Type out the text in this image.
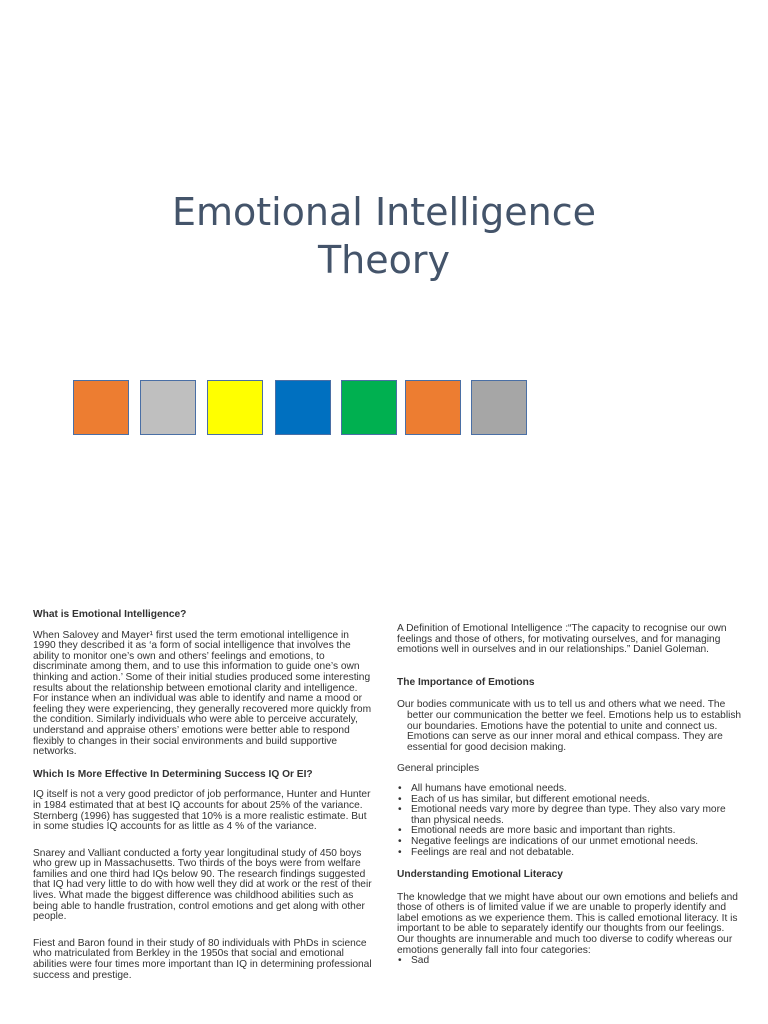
Emotional Intelligence
Theory

What is Emotional Intelligence?

When Salovey and Mayer¹ first used the term emotional intelligence in 1990 they described it as ‘a form of social intelligence that involves the ability to monitor one’s own and others’ feelings and emotions, to discriminate among them, and to use this information to guide one’s own thinking and action.’ Some of their initial studies produced some interesting results about the relationship between emotional clarity and intelligence. For instance when an individual was able to identify and name a mood or feeling they were experiencing, they generally recovered more quickly from the condition. Similarly individuals who were able to perceive accurately, understand and appraise others’ emotions were better able to respond flexibly to changes in their social environments and build supportive networks.

Which Is More Effective In Determining Success IQ Or EI?

IQ itself is not a very good predictor of job performance, Hunter and Hunter in 1984 estimated that at best IQ accounts for about 25% of the variance. Sternberg (1996) has suggested that 10% is a more realistic estimate. But in some studies IQ accounts for as little as 4 % of the variance.

Snarey and Valliant conducted a forty year longitudinal study of 450 boys who grew up in Massachusetts. Two thirds of the boys were from welfare families and one third had IQs below 90. The research findings suggested that IQ had very little to do with how well they did at work or the rest of their lives. What made the biggest difference was childhood abilities such as being able to handle frustration, control emotions and get along with other people.

Fiest and Baron found in their study of 80 individuals with PhDs in science who matriculated from Berkley in the 1950s that social and emotional abilities were four times more important than IQ in determining professional success and prestige.

A Definition of Emotional Intelligence :“The capacity to recognise our own feelings and those of others, for motivating ourselves, and for managing emotions well in ourselves and in our relationships.” Daniel Goleman.

The Importance of Emotions

Our bodies communicate with us to tell us and others what we need. The better our communication the better we feel. Emotions help us to establish our boundaries. Emotions have the potential to unite and connect us. Emotions can serve as our inner moral and ethical compass. They are essential for good decision making.

General principles

• All humans have emotional needs.
• Each of us has similar, but different emotional needs.
• Emotional needs vary more by degree than type. They also vary more than physical needs.
• Emotional needs are more basic and important than rights.
• Negative feelings are indications of our unmet emotional needs.
• Feelings are real and not debatable.

Understanding Emotional Literacy

The knowledge that we might have about our own emotions and beliefs and those of others is of limited value if we are unable to properly identify and label emotions as we experience them. This is called emotional literacy. It is important to be able to separately identify our thoughts from our feelings. Our thoughts are innumerable and much too diverse to codify whereas our emotions generally fall into four categories:

• Sad
